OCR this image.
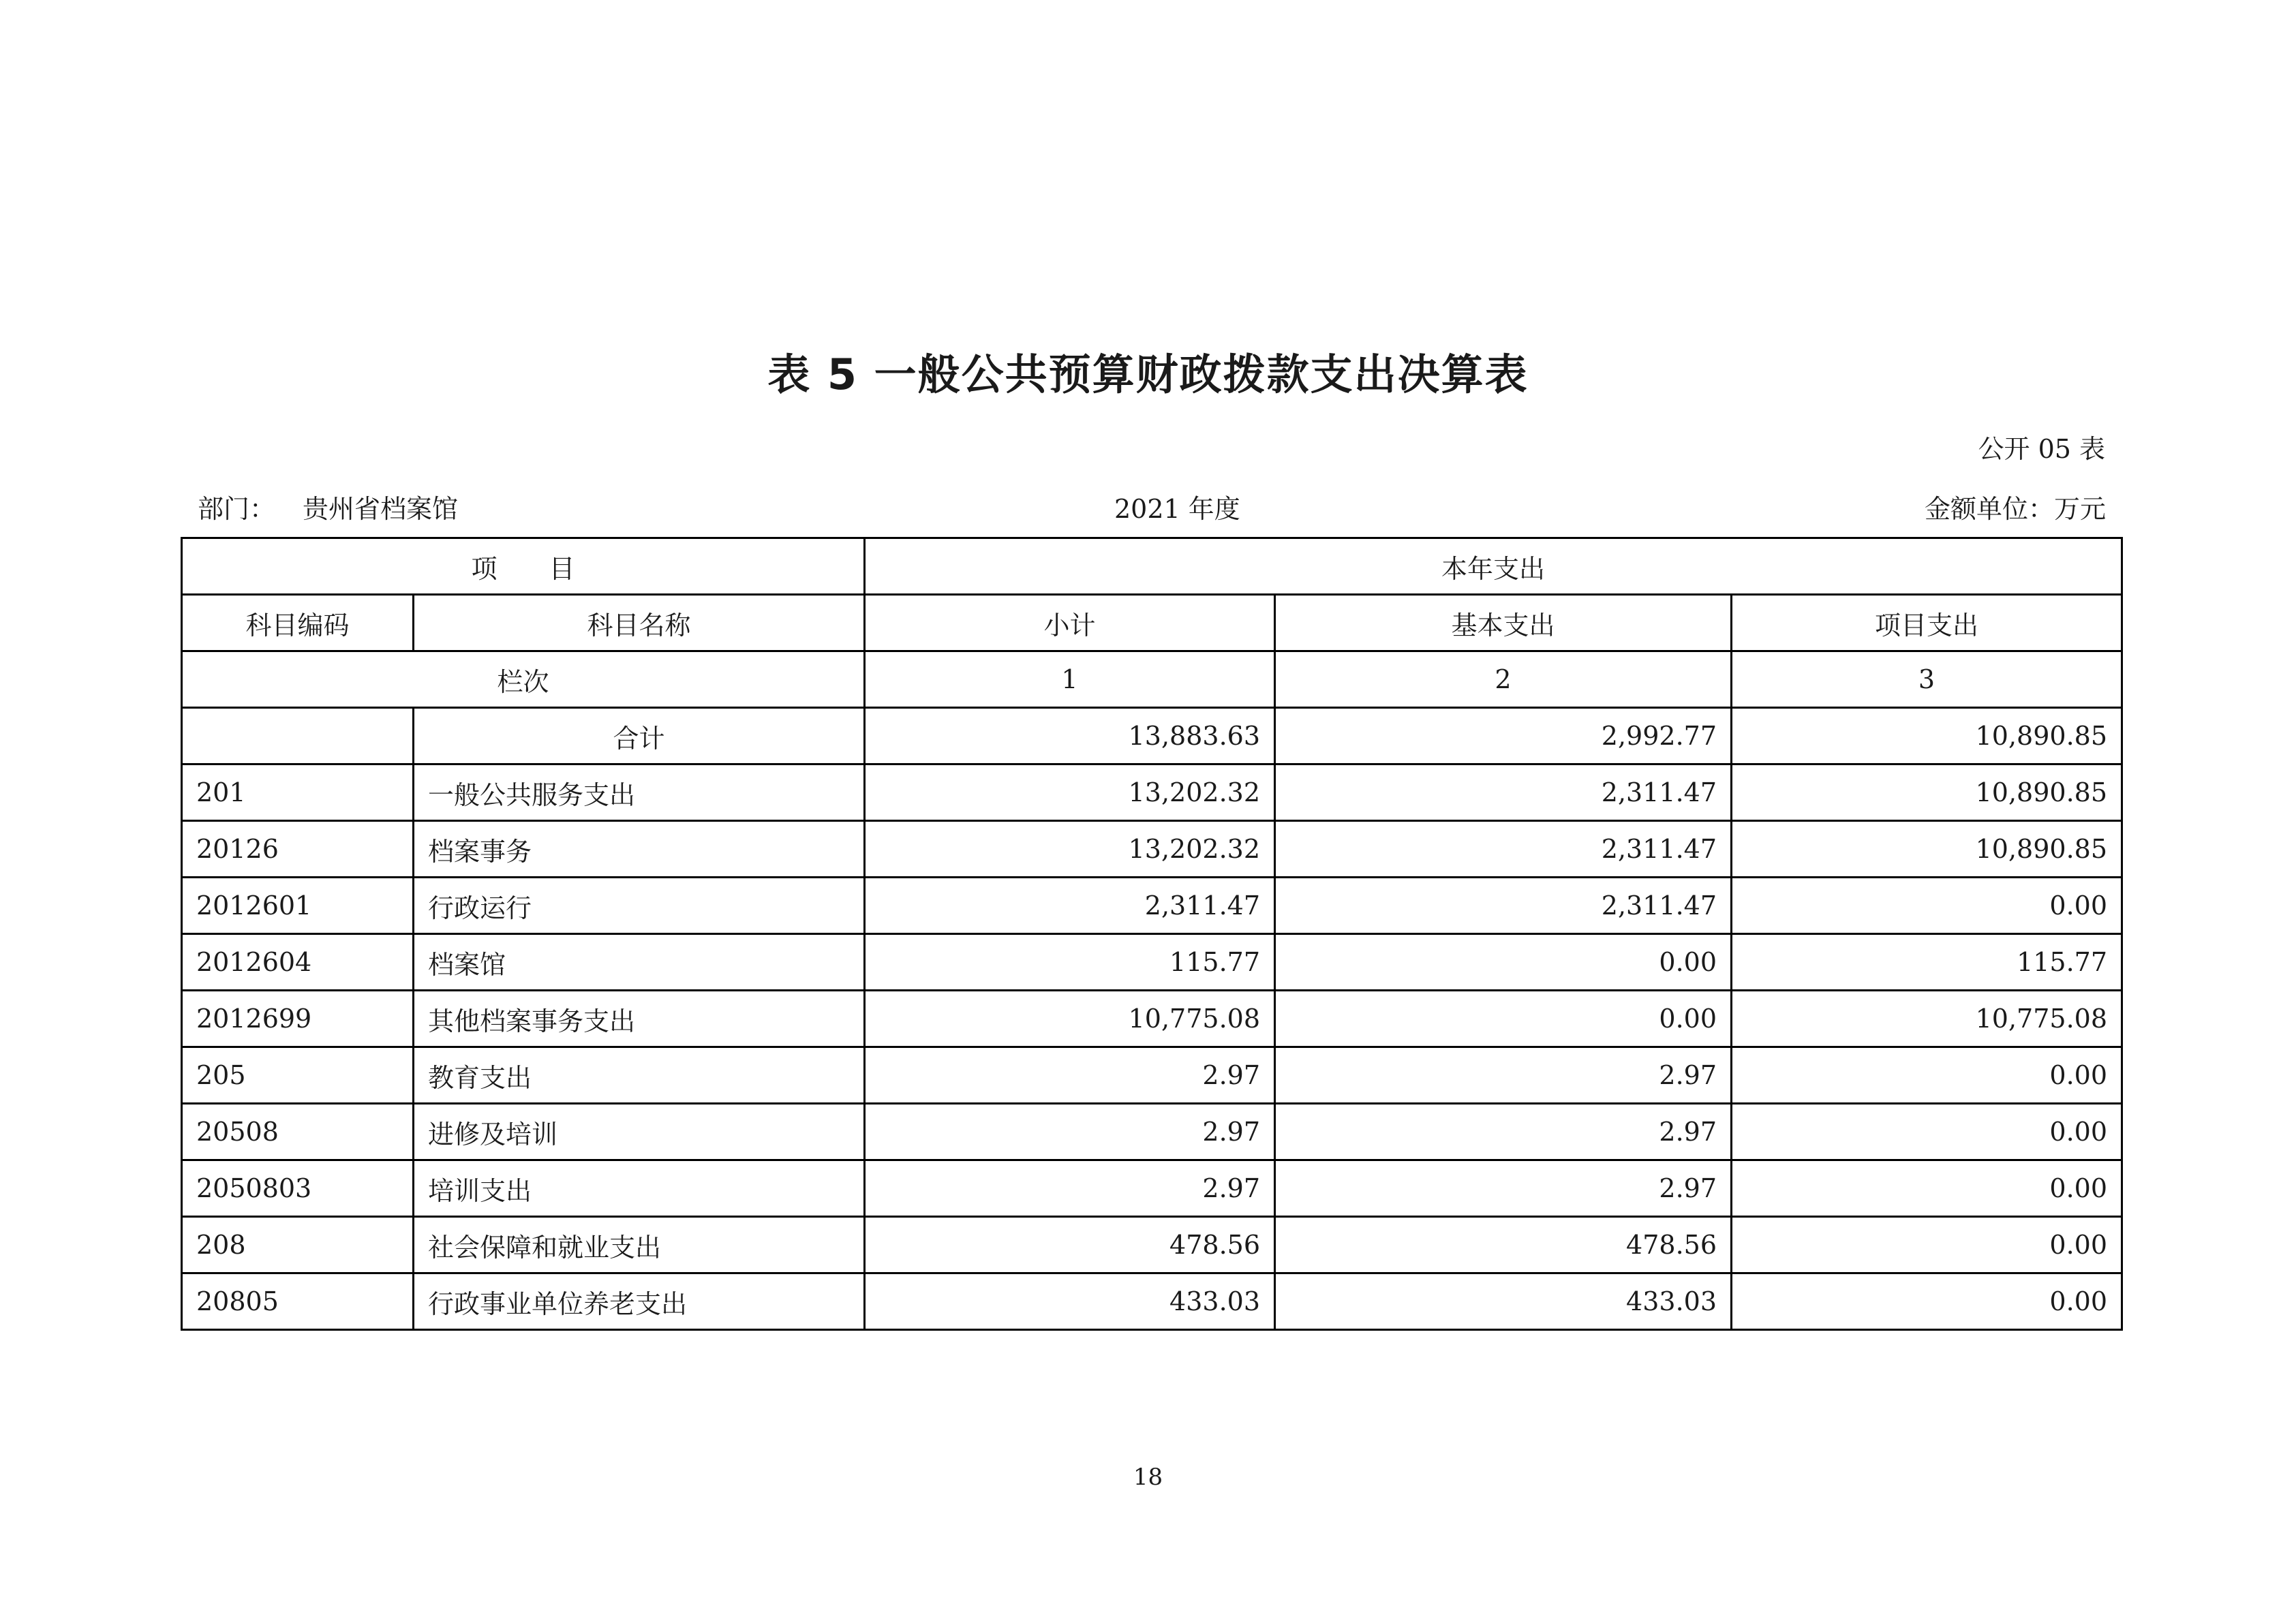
表 5 一般公共预算财政拨款支出决算表
公开 05 表
部门： 贵州省档案馆	2021 年度	金额单位：万元
项　　目		本年支出		
科目编码	科目名称	小计	基本支出	项目支出
栏次		1	2	3
	合计	13,883.63	2,992.77	10,890.85
201	一般公共服务支出	13,202.32	2,311.47	10,890.85
20126	档案事务	13,202.32	2,311.47	10,890.85
2012601	行政运行	2,311.47	2,311.47	0.00
2012604	档案馆	115.77	0.00	115.77
2012699	其他档案事务支出	10,775.08	0.00	10,775.08
205	教育支出	2.97	2.97	0.00
20508	进修及培训	2.97	2.97	0.00
2050803	培训支出	2.97	2.97	0.00
208	社会保障和就业支出	478.56	478.56	0.00
20805	行政事业单位养老支出	433.03	433.03	0.00
18
